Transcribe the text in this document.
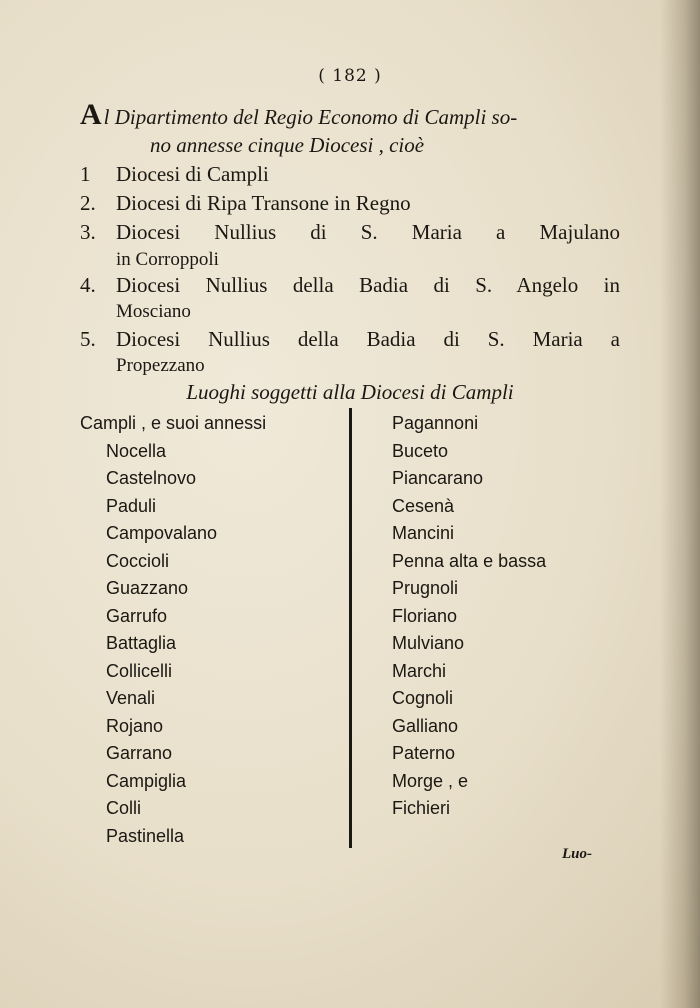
( 182 )
Al Dipartimento del Regio Economo di Campli so-
no annesse cinque Diocesi , cioè
1	Diocesi di Campli
2. Diocesi di Ripa Transone in Regno
3. Diocesi Nullius di S. Maria a Majulano
in Corroppoli
4. Diocesi Nullius della Badia di S. Angelo in
Mosciano
5. Diocesi Nullius della Badia di S. Maria a
Propezzano
Luoghi soggetti alla Diocesi di Campli
Campli , e suoi annessi
Nocella
Castelnovo
Paduli
Campovalano
Coccioli
Guazzano
Garrufo
Battaglia
Collicelli
Venali
Rojano
Garrano
Campiglia
Colli
Pastinella
Pagannoni
Buceto
Piancarano
Cesenà
Mancini
Penna alta e bassa
Prugnoli
Floriano
Mulviano
Marchi
Cognoli
Galliano
Paterno
Morge , e
Fichieri
Luo-
